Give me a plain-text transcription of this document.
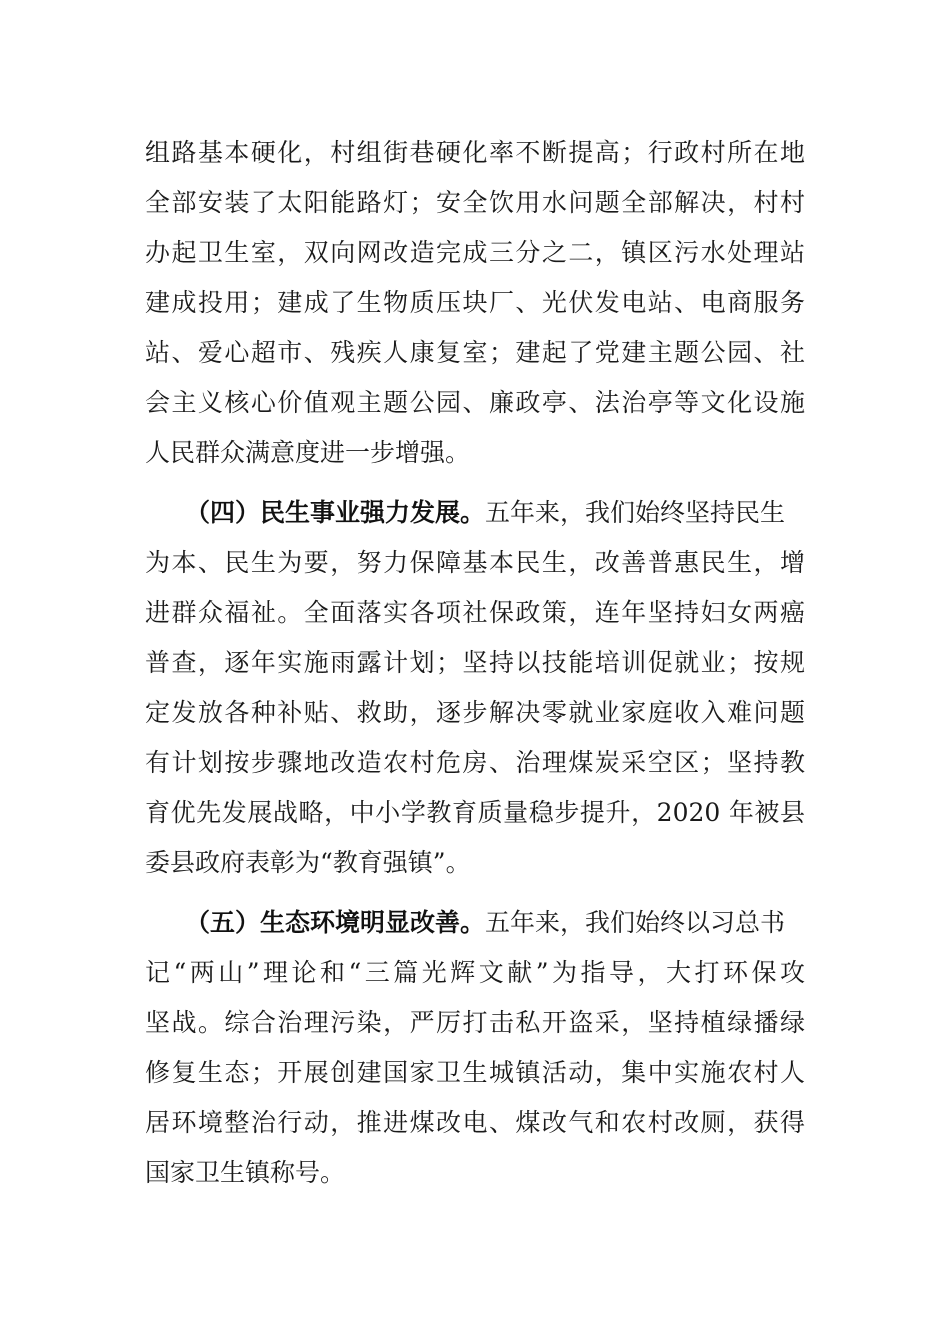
组路基本硬化，村组街巷硬化率不断提高；行政村所在地
全部安装了太阳能路灯；安全饮用水问题全部解决，村村
办起卫生室，双向网改造完成三分之二，镇区污水处理站
建成投用；建成了生物质压块厂、光伏发电站、电商服务
站、爱心超市、残疾人康复室；建起了党建主题公园、社
会主义核心价值观主题公园、廉政亭、法治亭等文化设施
人民群众满意度进一步增强。
（四）民生事业强力发展。五年来，我们始终坚持民生
为本、民生为要，努力保障基本民生，改善普惠民生，增
进群众福祉。全面落实各项社保政策，连年坚持妇女两癌
普查，逐年实施雨露计划；坚持以技能培训促就业；按规
定发放各种补贴、救助，逐步解决零就业家庭收入难问题
有计划按步骤地改造农村危房、治理煤炭采空区；坚持教
育优先发展战略，中小学教育质量稳步提升，2020 年被县
委县政府表彰为“教育强镇”。
（五）生态环境明显改善。五年来，我们始终以习总书
记“两山”理论和“三篇光辉文献”为指导，大打环保攻
坚战。综合治理污染，严厉打击私开盗采，坚持植绿播绿
修复生态；开展创建国家卫生城镇活动，集中实施农村人
居环境整治行动，推进煤改电、煤改气和农村改厕，获得
国家卫生镇称号。
